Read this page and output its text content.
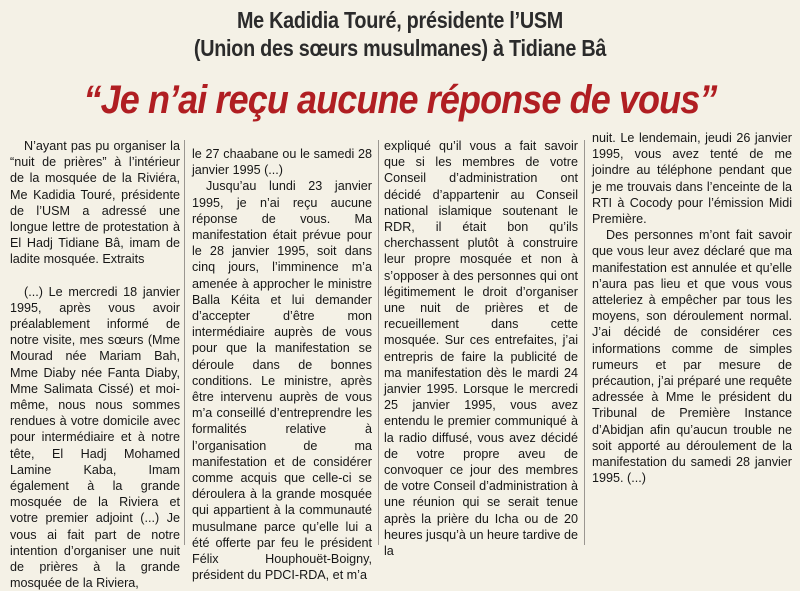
Me Kadidia Touré, présidente l’USM
(Union des sœurs musulmanes) à Tidiane Bâ
“Je n’ai reçu aucune réponse de vous”

N’ayant pas pu organiser la “nuit de prières” à l’intérieur de la mosquée de la Riviéra, Me Kadidia Touré, présidente de l’USM a adressé une longue lettre de protestation à El Hadj Tidiane Bâ, imam de ladite mosquée. Extraits

(...) Le mercredi 18 janvier 1995, après vous avoir préalablement informé de notre visite, mes sœurs (Mme Mourad née Mariam Bah, Mme Diaby née Fanta Diaby, Mme Salimata Cissé) et moi-même, nous nous sommes rendues à votre domicile avec pour intermédiaire et à notre tête, El Hadj Mohamed Lamine Kaba, Imam également à la grande mosquée de la Riviera et votre premier adjoint (...) Je vous ai fait part de notre intention d’organiser une nuit de prières à la grande mosquée de la Riviera,

le 27 chaabane ou le samedi 28 janvier 1995 (...)

Jusqu’au lundi 23 janvier 1995, je n’ai reçu aucune réponse de vous. Ma manifestation était prévue pour le 28 janvier 1995, soit dans cinq jours, l’imminence m’a amenée à approcher le ministre Balla Kéita et lui demander d’accepter d’être mon intermédiaire auprès de vous pour que la manifestation se déroule dans de bonnes conditions. Le ministre, après être intervenu auprès de vous m’a conseillé d’entreprendre les formalités relative à l’organisation de ma manifestation et de considérer comme acquis que celle-ci se déroulera à la grande mosquée qui appartient à la communauté musulmane parce qu’elle lui a été offerte par feu le président Félix Houphouët-Boigny, président du PDCI-RDA, et m’a

expliqué qu’il vous a fait savoir que si les membres de votre Conseil d’administration ont décidé d’appartenir au Conseil national islamique soutenant le RDR, il était bon qu’ils cherchassent plutôt à construire leur propre mosquée et non à s’opposer à des personnes qui ont légitimement le droit d’organiser une nuit de prières et de recueillement dans cette mosquée. Sur ces entrefaites, j’ai entrepris de faire la publicité de ma manifestation dès le mardi 24 janvier 1995. Lorsque le mercredi 25 janvier 1995, vous avez entendu le premier communiqué à la radio diffusé, vous avez décidé de votre propre aveu de convoquer ce jour des membres de votre Conseil d’administration à une réunion qui se serait tenue après la prière du Icha ou de 20 heures jusqu’à un heure tardive de la

nuit. Le lendemain, jeudi 26 janvier 1995, vous avez tenté de me joindre au téléphone pendant que je me trouvais dans l’enceinte de la RTI à Cocody pour l’émission Midi Première.

Des personnes m’ont fait savoir que vous leur avez déclaré que ma manifestation est annulée et qu’elle n’aura pas lieu et que vous vous atteleriez à empêcher par tous les moyens, son déroulement normal. J’ai décidé de considérer ces informations comme de simples rumeurs et par mesure de précaution, j’ai préparé une requête adressée à Mme le président du Tribunal de Première Instance d’Abidjan afin qu’aucun trouble ne soit apporté au déroulement de la manifestation du samedi 28 janvier 1995. (...)
